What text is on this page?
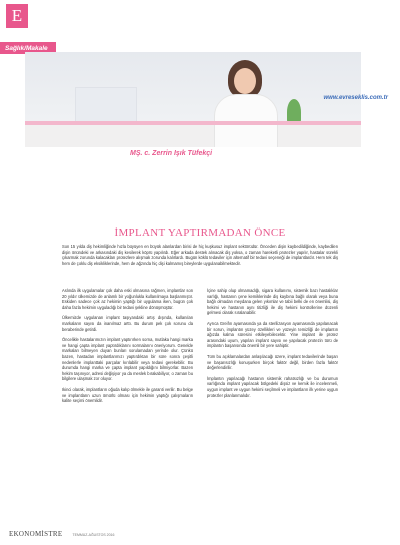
E
Sağlık/Makale
www.evreseklis.com.tr
MŞ. c. Zerrin Işık Tüfekçi
İMPLANT YAPTIRMADAN ÖNCE
Son 15 yılda diş hekimliğinde hızla büyüyen en büyük alanlardan birisi de hiç kuşkusuz implant sektörüdür. Önceden dişin kaybedildiğinde, kaybedilen dişin önündeki ve arkasındaki diş kesilerek köprü yapılırdı. Eğer arkada destek alınacak diş yoksa, o zaman hareketli protezler yapılır, hastalar sürekli çıkarmak zorunda kalacakları protezlere alışmak zorunda kalırlardı. Bugün köklü tedaviler için alternatif bir tedavi seçeneği de implantlardır. Hem tek diş hem de çoklu diş eksikliklerinde, hem de ağzında hiç dişi kalmamış bireylerde uygulanabilmektedir.

Aslında ilk uygulamalar çok daha eski olmasına rağmen, implantlar son 20 yıldır ülkemizde de anlamlı bir yoğunlukla kullanılmaya başlanmıştır. Eskiden sadece çok az hekimin yaptığı bir uygulama iken, bugün çok daha fazla hekimin uyguladığı bir tedavi şekline dönüşmüştür.

Ülkemizde uygulanan implant taşıyandaki artış dışında, kullanılan markaların sayısı da inanılmaz arttı. Bu durum pek çok sorunu da beraberinde getirdi.

Öncelikle hastalarımızın implant yaptırırken sorna, mutlaka hangi marka ve hangi çapta implant yaptırdıklarını sormalarını öneriyorum. Genelde markaları bilmeyen duyan bunları sorulamadan yerinde olur. Çünkü bazen, hastadan implantlarımızı yaptırdıktan bir süre sonra çeşitli nedenlerle implanttaki parçalar kırılabilir veya tedavi gerekebilir. Bu durumda hangi marka ve çapta implant yapıldığını bilmiyorlar. Bazen hekim taşınıyor, adresi değişiyor ya da meslek bırakabiliyor, o zaman bu bilgilere ulaşmak zor oluyor.

Ikinci olarak, implantların oğuda kalıp ölmekle ile garanti verilir. Bu belge ve implantların uzun ömürlü olması için hekimin yaptığı çalışmaların kalite seçimi önemlidir.

İçine sahip olup olmamadığı, sigara kullanımı, sistemik bazı hastalıklar varlığı, hastanın çene kemiklerinde diş kaybına bağlı olarak veya buna bağlı olmadan meydana gelen yıkımlar ve tabii belki de en önemlisi, diş hekimi ve hastanın aynı titizliği ile diş hekimi kontrollerine düzenli gelmesi olarak sıralanabilir.

Ayrıca Greifın ayamasında ya da sterilizasyon ayamasında yapılanacak bir sorun, implantın yüzey özellikleri ve yüzeyin temizliği de implantın ağızda kalma süresini etkileyebilecektir. Yine implant ile protez arasındaki uyum, yapılan implant sayısı ve yapılacak protezin türü de implantın başarısında önemli bir yere sahiptir.

Tüm bu açıklamalardan anlaşılacağı üzere, implant tedavilerinde başarı ve başarısızlığı konuşurken birçok faktör değil, birden fazla faktör değerlendirilir.

İmplantın yapılacağı hastanın sistemik rahatsızlığı ve bu durumun varlığında implant yapılacak bölgedeki dişsiz ve kemik ile incelenmeli, uygun implant ve uygun hekimi seçilmeli ve implantların ilk yerine uygun protezler planlanmalıdır.

EKONOMİSTRE	TEMMUZ-AĞUSTOS 2016
